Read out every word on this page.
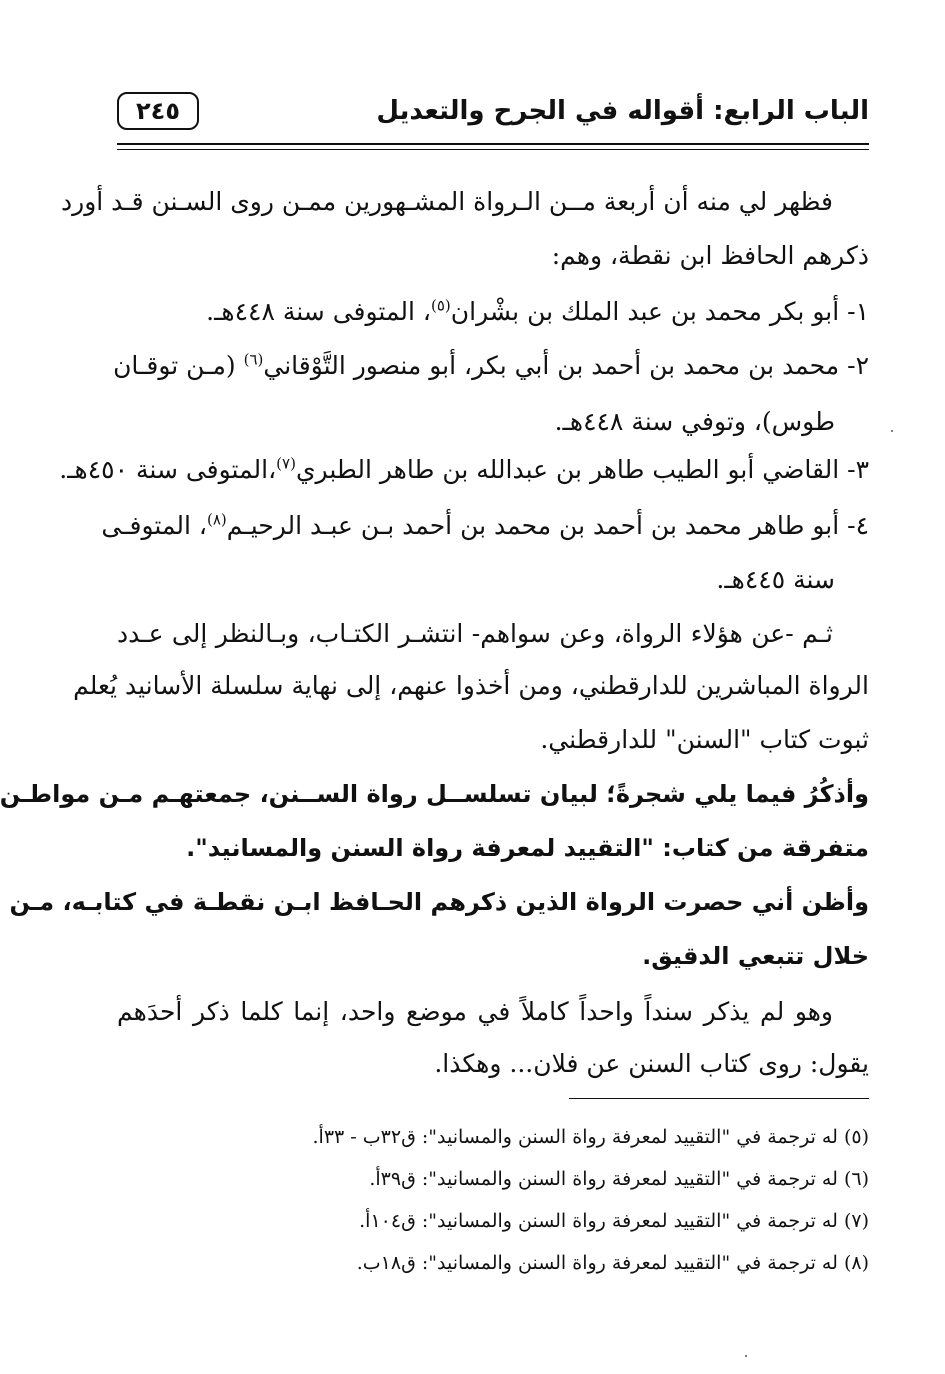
الباب الرابع: أقواله في الجرح والتعديل
٢٤٥
فظهر لي منه أن أربعة مــن الـرواة المشـهورين ممـن روى السـنن قـد أورد
ذكرهم الحافظ ابن نقطة، وهم:
١- أبو بكر محمد بن عبد الملك بن بشْران$^{(٥)}$، المتوفى سنة ٤٤٨هـ.
٢- محمد بن محمد بن أحمد بن أبي بكر، أبو منصور التَّوْقاني$^{(٦)}$ (مـن توقـان
طوس)، وتوفي سنة ٤٤٨هـ.
٣- القاضي أبو الطيب طاهر بن عبدالله بن طاهر الطبري$^{(٧)}$،المتوفى سنة ٤٥٠هـ.
٤- أبو طاهر محمد بن أحمد بن محمد بن أحمد بـن عبـد الرحيـم$^{(٨)}$، المتوفـى
سنة ٤٤٥هـ.
ثـم -عن هؤلاء الرواة، وعن سواهم- انتشـر الكتـاب، وبـالنظر إلى عـدد
الرواة المباشرين للدارقطني، ومن أخذوا عنهم، إلى نهاية سلسلة الأسانيد يُعلم
ثبوت كتاب "السنن" للدارقطني.
وأذكُرُ فيما يلي شجرةً؛ لبيان تسلســل رواة الســنن، جمعتهـم مـن مواطـن
متفرقة من كتاب: "التقييد لمعرفة رواة السنن والمسانيد".
وأظن أني حصرت الرواة الذين ذكرهم الحـافظ ابـن نقطـة في كتابـه، مـن
خلال تتبعي الدقيق.
وهو لم يذكر سنداً واحداً كاملاً في موضع واحد، إنما كلما ذكر أحدَهم
يقول: روى كتاب السنن عن فلان... وهكذا.
(٥) له ترجمة في "التقييد لمعرفة رواة السنن والمسانيد": ق٣٢ب - ٣٣أ.
(٦) له ترجمة في "التقييد لمعرفة رواة السنن والمسانيد": ق٣٩أ.
(٧) له ترجمة في "التقييد لمعرفة رواة السنن والمسانيد": ق١٠٤أ.
(٨) له ترجمة في "التقييد لمعرفة رواة السنن والمسانيد": ق١٨ب.
